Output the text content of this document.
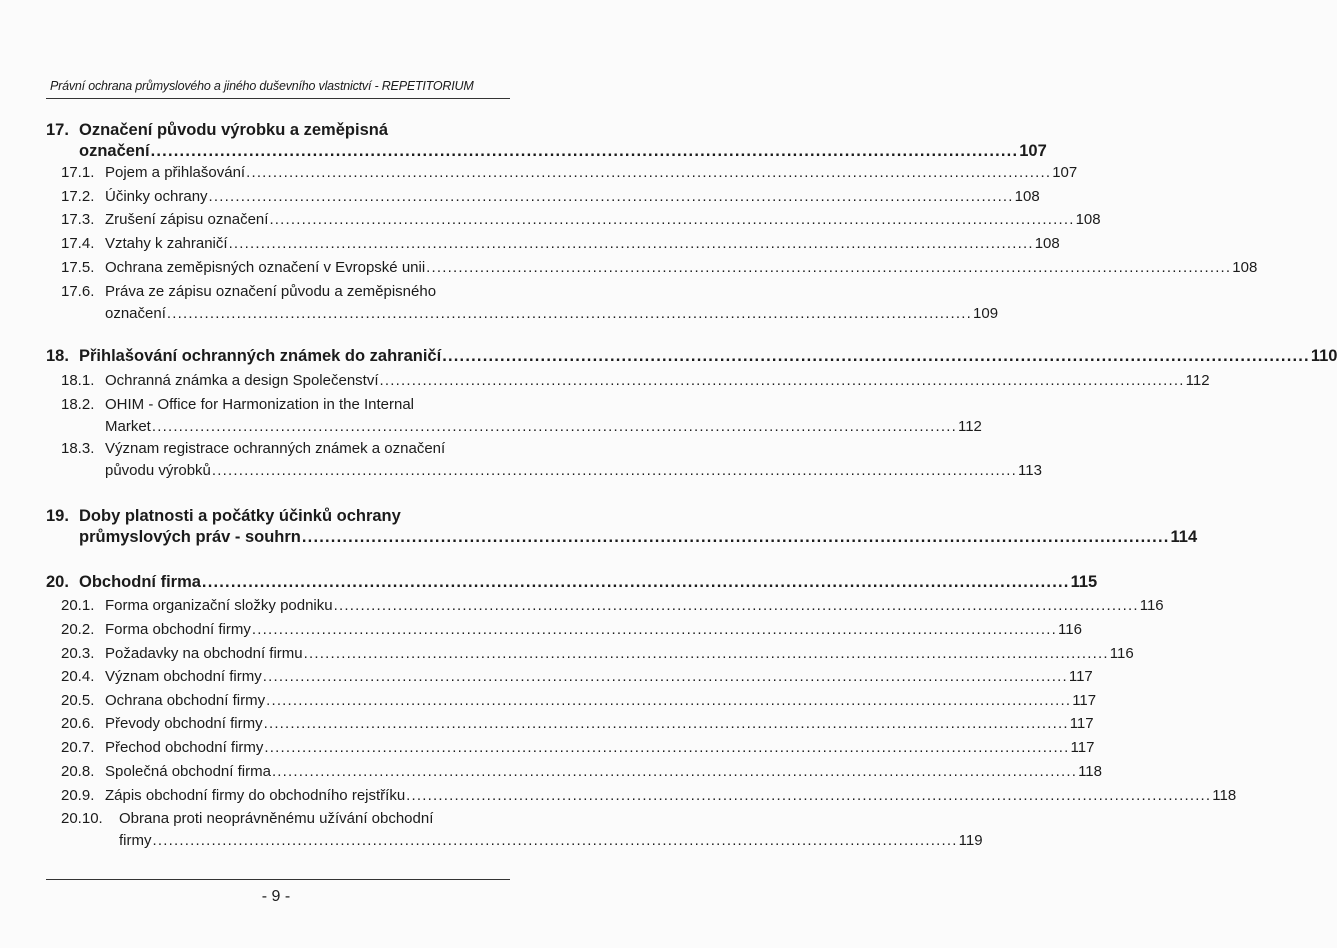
Právní ochrana průmyslového a jiného duševního vlastnictví - REPETITORIUM
17. Označení původu výrobku a zeměpisná
označení ...................................................................................................................................................... 107
17.1. Pojem a přihlašování ...................................................................................................................................................... 107
17.2. Účinky ochrany ...................................................................................................................................................... 108
17.3. Zrušení zápisu označení ...................................................................................................................................................... 108
17.4. Vztahy k zahraničí ...................................................................................................................................................... 108
17.5. Ochrana zeměpisných označení v Evropské unii ...................................................................................................................................................... 108
17.6. Práva ze zápisu označení původu a zeměpisného
označení ...................................................................................................................................................... 109
18. Přihlašování ochranných známek do zahraničí ...................................................................................................................................................... 110
18.1. Ochranná známka a design Společenství ...................................................................................................................................................... 112
18.2. OHIM - Office for Harmonization in the Internal
Market ...................................................................................................................................................... 112
18.3. Význam registrace ochranných známek a označení
původu výrobků ...................................................................................................................................................... 113
19. Doby platnosti a počátky účinků ochrany
průmyslových práv - souhrn ...................................................................................................................................................... 114
20. Obchodní firma ...................................................................................................................................................... 115
20.1. Forma organizační složky podniku ...................................................................................................................................................... 116
20.2. Forma obchodní firmy ...................................................................................................................................................... 116
20.3. Požadavky na obchodní firmu ...................................................................................................................................................... 116
20.4. Význam obchodní firmy ...................................................................................................................................................... 117
20.5. Ochrana obchodní firmy ...................................................................................................................................................... 117
20.6. Převody obchodní firmy ...................................................................................................................................................... 117
20.7. Přechod obchodní firmy ...................................................................................................................................................... 117
20.8. Společná obchodní firma ...................................................................................................................................................... 118
20.9. Zápis obchodní firmy do obchodního rejstříku ...................................................................................................................................................... 118
20.10. Obrana proti neoprávněnému užívání obchodní
firmy ...................................................................................................................................................... 119
- 9 -
